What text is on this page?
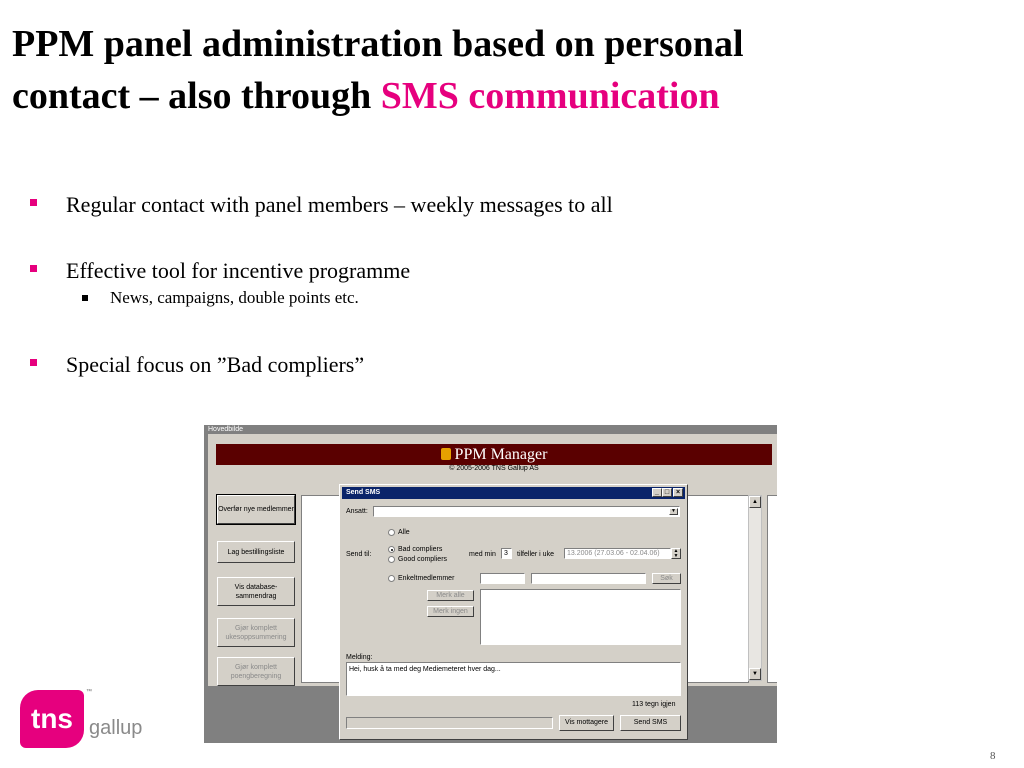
PPM panel administration based on personal
contact – also through SMS communication
Regular contact with panel members – weekly messages to all
Effective tool for incentive programme
News, campaigns, double points etc.
Special focus on ”Bad compliers”
Hovedbilde
PPM Manager
© 2005-2006 TNS Gallup AS
Overfør nye medlemmer
Lag bestillingsliste
Vis database-sammendrag
Gjør komplett ukesoppsummering
Gjør komplett poengberegning
▲
▼
Send SMS	_ □ ×
Ansatt:	▼
Alle
Send til:
Bad compliers
Good compliers
med min	3	tilfeller i uke	13.2006 (27.03.06 - 02.04.06)	▲
▼
Enkeltmedlemmer	Søk
Merk alle
Merk ingen
Melding:
Hei, husk å ta med deg Mediemeteret hver dag...
113 tegn igjen
Vis mottagere	Send SMS
tns
™
gallup
8
